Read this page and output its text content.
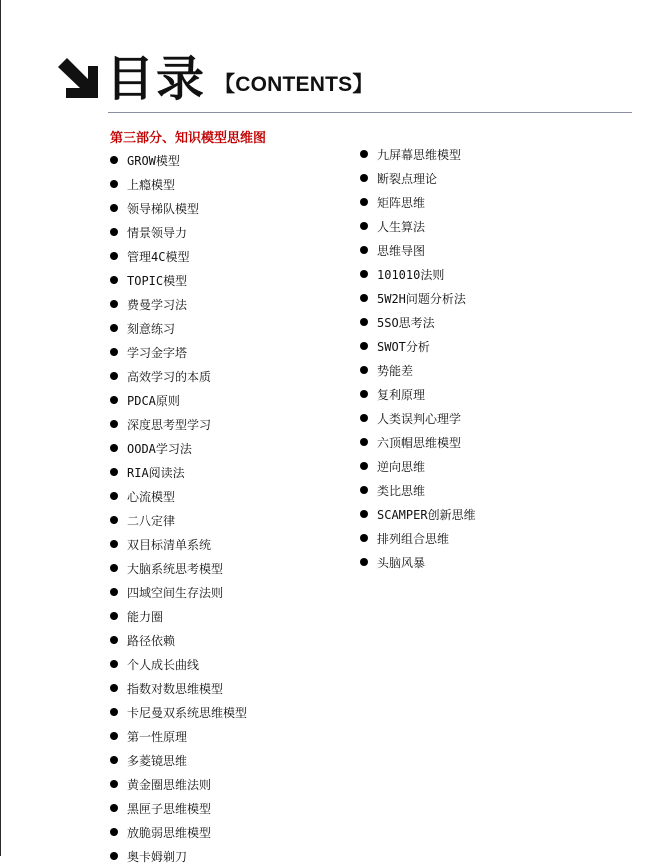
目录 【CONTENTS】
第三部分、知识模型思维图
GROW模型
上瘾模型
领导梯队模型
情景领导力
管理4C模型
TOPIC模型
费曼学习法
刻意练习
学习金字塔
高效学习的本质
PDCA原则
深度思考型学习
OODA学习法
RIA阅读法
心流模型
二八定律
双目标清单系统
大脑系统思考模型
四域空间生存法则
能力圈
路径依赖
个人成长曲线
指数对数思维模型
卡尼曼双系统思维模型
第一性原理
多菱镜思维
黄金圈思维法则
黑匣子思维模型
放脆弱思维模型
奥卡姆剃刀
九屏幕思维模型
断裂点理论
矩阵思维
人生算法
思维导图
101010法则
5W2H问题分析法
5SO思考法
SWOT分析
势能差
复利原理
人类误判心理学
六顶帽思维模型
逆向思维
类比思维
SCAMPER创新思维
排列组合思维
头脑风暴
